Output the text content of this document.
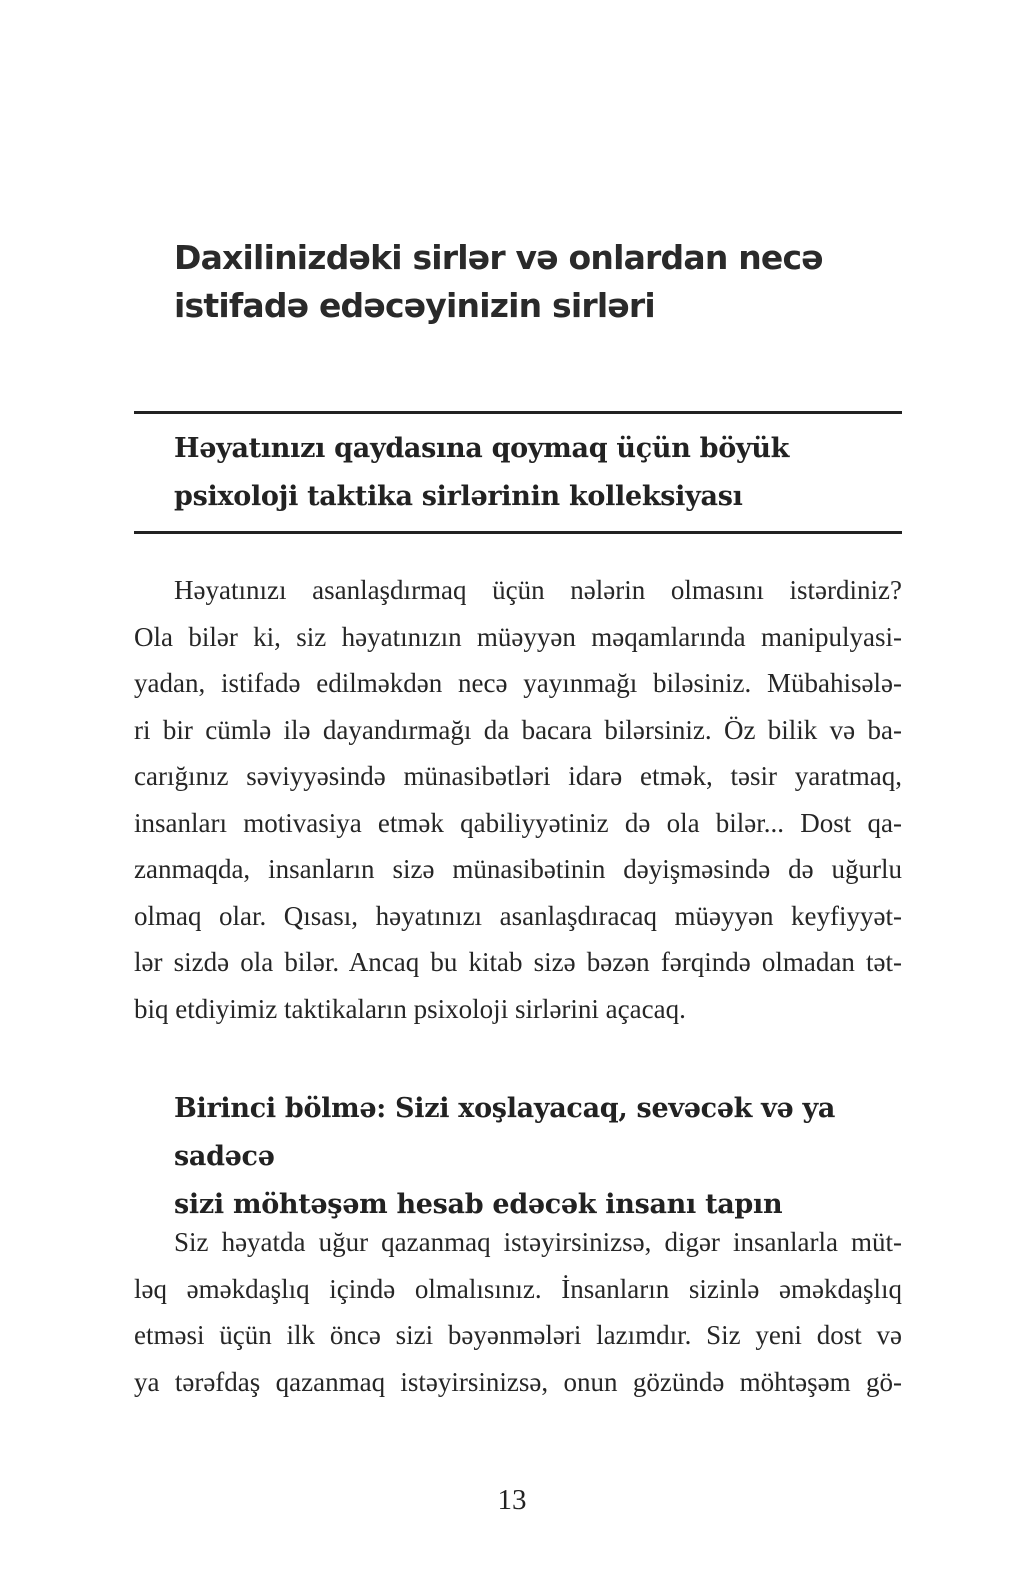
Daxilinizdəki sirlər və onlardan necə
istifadə edəcəyinizin sirləri
Həyatınızı qaydasına qoymaq üçün böyük
psixoloji taktika sirlərinin kolleksiyası

Həyatınızı asanlaşdırmaq üçün nələrin olmasını istərdiniz?
Ola bilər ki, siz həyatınızın müəyyən məqamlarında manipulyasi-
yadan, istifadə edilməkdən necə yayınmağı biləsiniz. Mübahisələ-
ri bir cümlə ilə dayandırmağı da bacara bilərsiniz. Öz bilik və ba-
carığınız səviyyəsində münasibətləri idarə etmək, təsir yaratmaq,
insanları motivasiya etmək qabiliyyətiniz də ola bilər... Dost qa-
zanmaqda, insanların sizə münasibətinin dəyişməsində də uğurlu
olmaq olar. Qısası, həyatınızı asanlaşdıracaq müəyyən keyfiyyət-
lər sizdə ola bilər. Ancaq bu kitab sizə bəzən fərqində olmadan tət-
biq etdiyimiz taktikaların psixoloji sirlərini açacaq.

Birinci bölmə: Sizi xoşlayacaq, sevəcək və ya sadəcə
sizi möhtəşəm hesab edəcək insanı tapın

Siz həyatda uğur qazanmaq istəyirsinizsə, digər insanlarla müt-
ləq əməkdaşlıq içində olmalısınız. İnsanların sizinlə əməkdaşlıq
etməsi üçün ilk öncə sizi bəyənmələri lazımdır. Siz yeni dost və
ya tərəfdaş qazanmaq istəyirsinizsə, onun gözündə möhtəşəm gö-

13
